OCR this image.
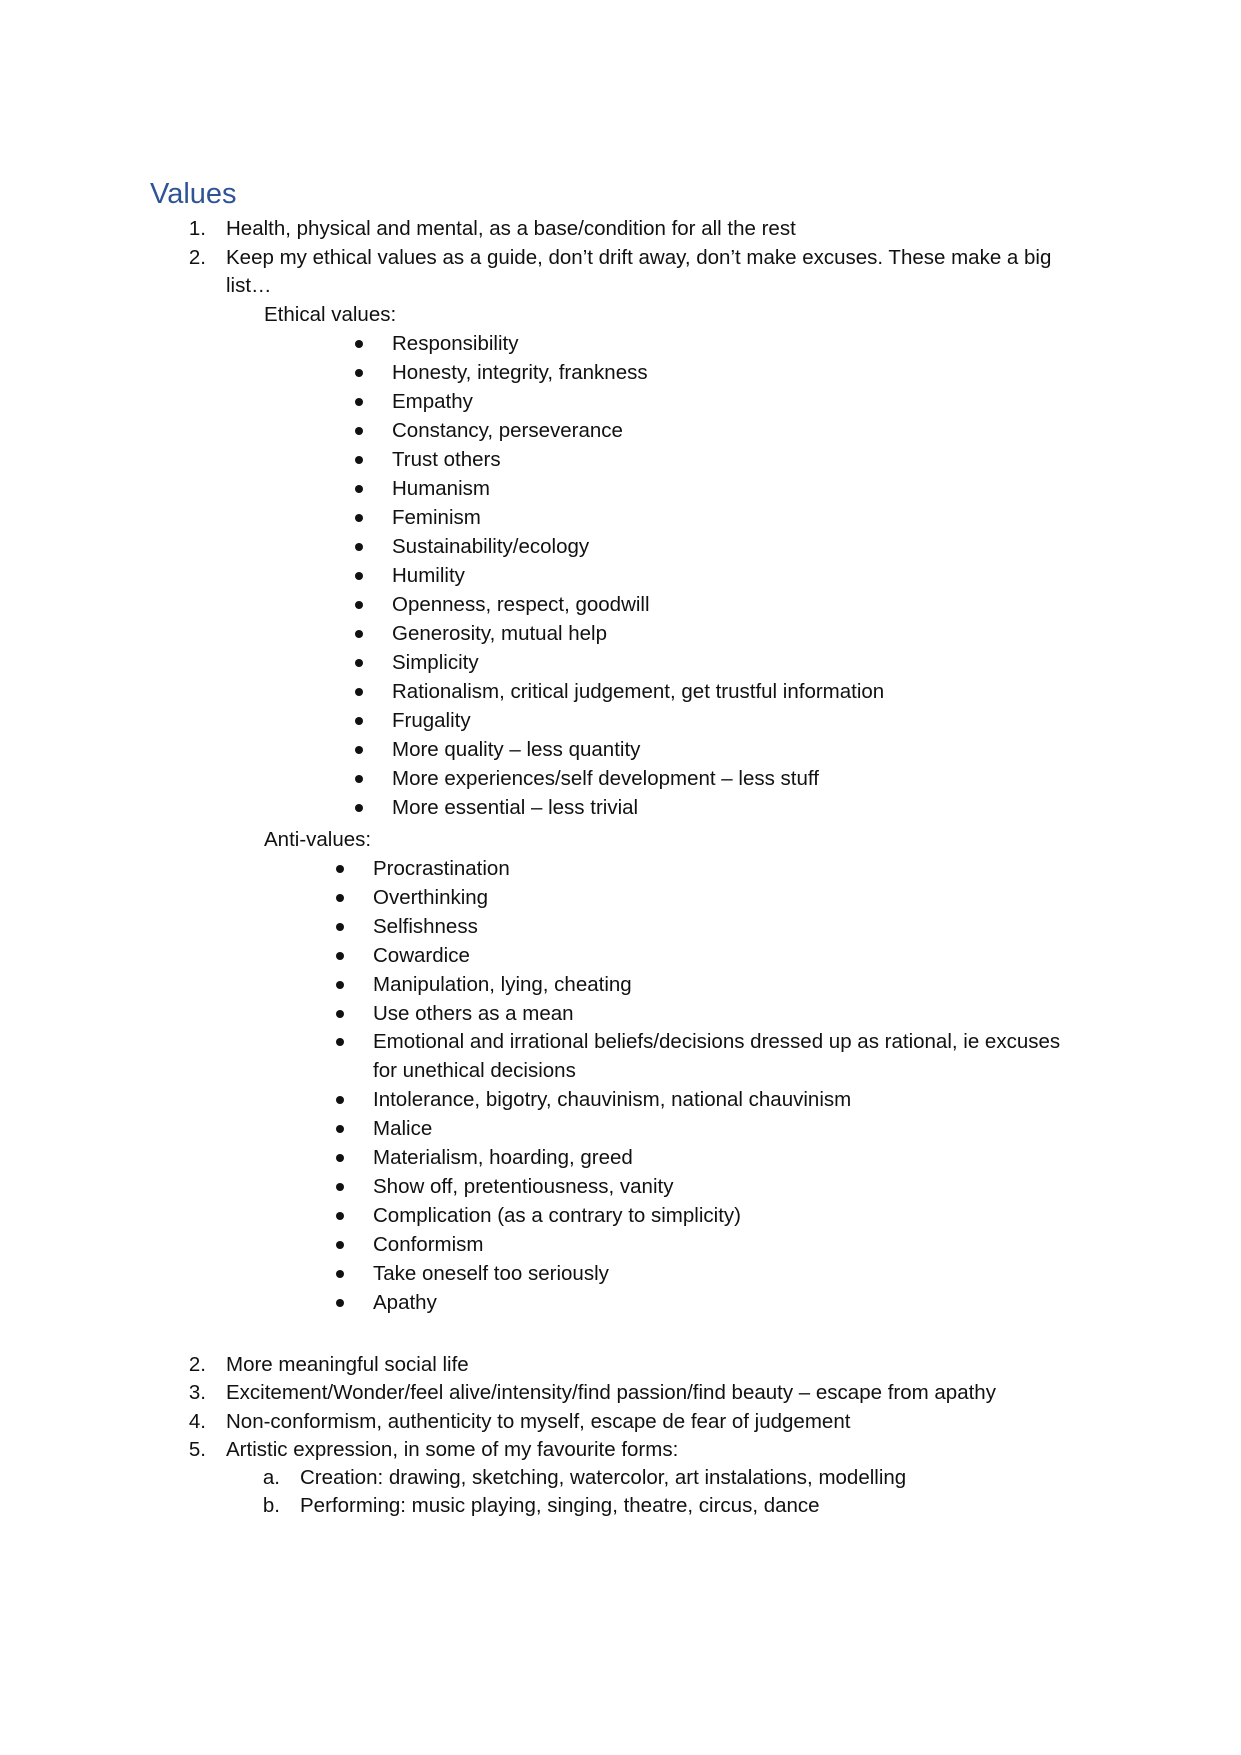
Values
1. Health, physical and mental, as a base/condition for all the rest
2. Keep my ethical values as a guide, don’t drift away, don’t make excuses. These make a big
list…
Ethical values:
Anti-values:
2. More meaningful social life
3. Excitement/Wonder/feel alive/intensity/find passion/find beauty – escape from apathy
4. Non-conformism, authenticity to myself, escape de fear of judgement
5. Artistic expression, in some of my favourite forms:
a. Creation: drawing, sketching, watercolor, art instalations, modelling
b. Performing: music playing, singing, theatre, circus, dance
Responsibility
Honesty, integrity, frankness
Empathy
Constancy, perseverance
Trust others
Humanism
Feminism
Sustainability/ecology
Humility
Openness, respect, goodwill
Generosity, mutual help
Simplicity
Rationalism, critical judgement, get trustful information
Frugality
More quality – less quantity
More experiences/self development – less stuff
More essential – less trivial
Procrastination
Overthinking
Selfishness
Cowardice
Manipulation, lying, cheating
Use others as a mean
Emotional and irrational beliefs/decisions dressed up as rational, ie excuses
for unethical decisions
Intolerance, bigotry, chauvinism, national chauvinism
Malice
Materialism, hoarding, greed
Show off, pretentiousness, vanity
Complication (as a contrary to simplicity)
Conformism
Take oneself too seriously
Apathy
